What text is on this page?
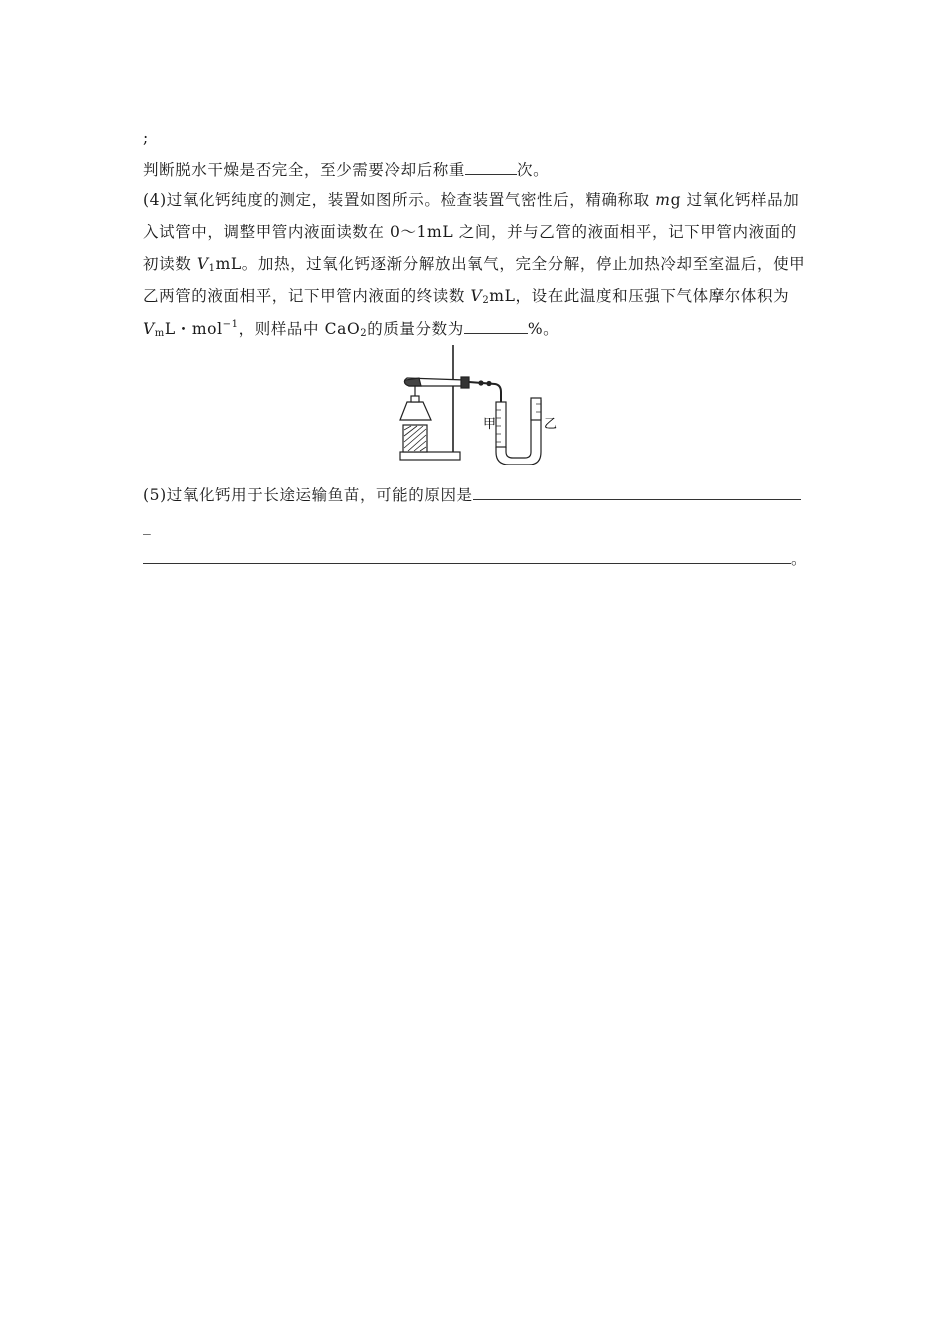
;
判断脱水干燥是否完全，至少需要冷却后称重	次。
(4)过氧化钙纯度的测定，装置如图所示。检查装置气密性后，精确称取 mg 过氧化钙样品加
入试管中，调整甲管内液面读数在 0～1mL 之间，并与乙管的液面相平，记下甲管内液面的
初读数 $V_1mL$。加热，过氧化钙逐渐分解放出氧气，完全分解，停止加热冷却至室温后，使甲
乙两管的液面相平，记下甲管内液面的终读数 $V_2mL$，设在此温度和压强下气体摩尔体积为
$V_mL$・mol$^{-1}$，则样品中 CaO$_2$的质量分数为	%。
甲	乙
(5)过氧化钙用于长途运输鱼苗，可能的原因是
_
。
